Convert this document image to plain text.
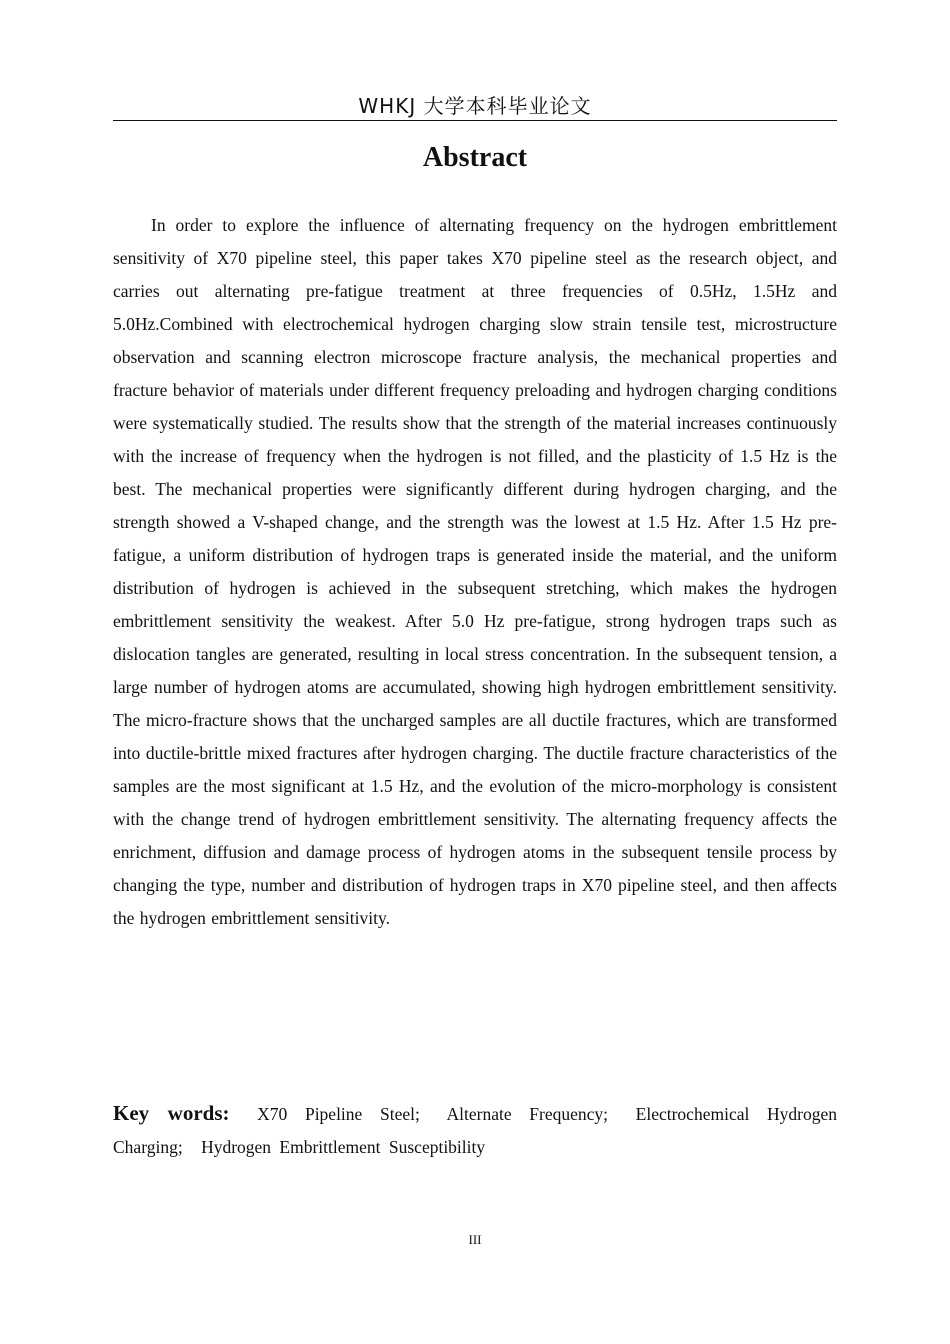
WHKJ 大学本科毕业论文
Abstract

In order to explore the influence of alternating frequency on the hydrogen embrittlement sensitivity of X70 pipeline steel, this paper takes X70 pipeline steel as the research object, and carries out alternating pre-fatigue treatment at three frequencies of 0.5Hz, 1.5Hz and 5.0Hz.Combined with electrochemical hydrogen charging slow strain tensile test, microstructure observation and scanning electron microscope fracture analysis, the mechanical properties and fracture behavior of materials under different frequency preloading and hydrogen charging conditions were systematically studied. The results show that the strength of the material increases continuously with the increase of frequency when the hydrogen is not filled, and the plasticity of 1.5 Hz is the best. The mechanical properties were significantly different during hydrogen charging, and the strength showed a V-shaped change, and the strength was the lowest at 1.5 Hz. After 1.5 Hz pre-fatigue, a uniform distribution of hydrogen traps is generated inside the material, and the uniform distribution of hydrogen is achieved in the subsequent stretching, which makes the hydrogen embrittlement sensitivity the weakest. After 5.0 Hz pre-fatigue, strong hydrogen traps such as dislocation tangles are generated, resulting in local stress concentration. In the subsequent tension, a large number of hydrogen atoms are accumulated, showing high hydrogen embrittlement sensitivity. The micro-fracture shows that the uncharged samples are all ductile fractures, which are transformed into ductile-brittle mixed fractures after hydrogen charging. The ductile fracture characteristics of the samples are the most significant at 1.5 Hz, and the evolution of the micro-morphology is consistent with the change trend of hydrogen embrittlement sensitivity. The alternating frequency affects the enrichment, diffusion and damage process of hydrogen atoms in the subsequent tensile process by changing the type, number and distribution of hydrogen traps in X70 pipeline steel, and then affects the hydrogen embrittlement sensitivity.

Key words: X70 Pipeline Steel; Alternate Frequency; Electrochemical Hydrogen Charging; Hydrogen Embrittlement Susceptibility

III
